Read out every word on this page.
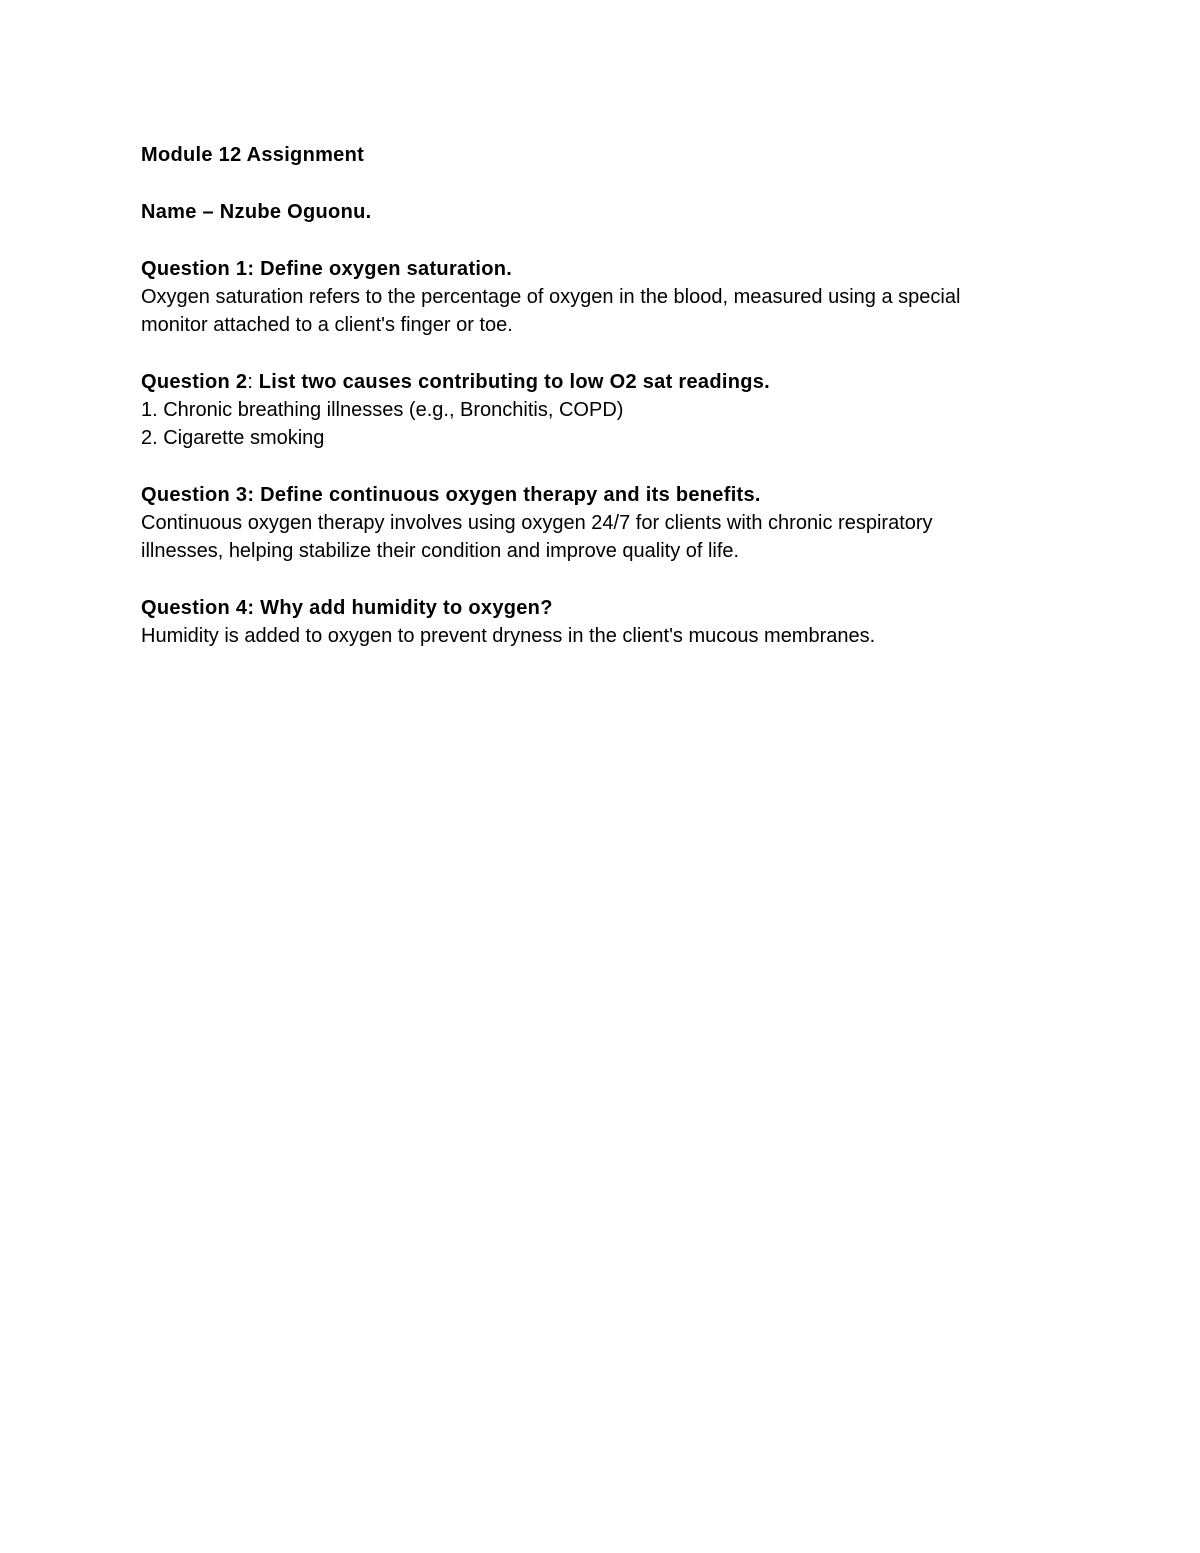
Module 12 Assignment
Name – Nzube Oguonu.
Question 1: Define oxygen saturation.
Oxygen saturation refers to the percentage of oxygen in the blood, measured using a special
monitor attached to a client's finger or toe.
Question 2: List two causes contributing to low O2 sat readings.
1. Chronic breathing illnesses (e.g., Bronchitis, COPD)
2. Cigarette smoking
Question 3: Define continuous oxygen therapy and its benefits.
Continuous oxygen therapy involves using oxygen 24/7 for clients with chronic respiratory
illnesses, helping stabilize their condition and improve quality of life.
Question 4: Why add humidity to oxygen?
Humidity is added to oxygen to prevent dryness in the client's mucous membranes.
